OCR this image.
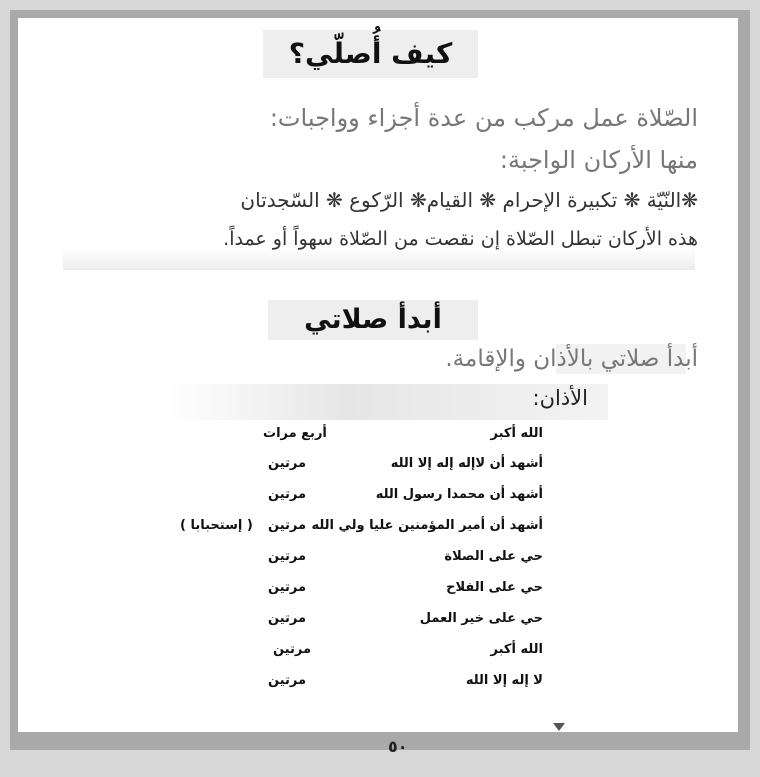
كيف أُصلّي؟
الصّلاة عمل مركب من عدة أجزاء وواجبات:
منها الأركان الواجبة:
❋النّيّة ❋ تكبيرة الإحرام ❋ القيام❋ الرّكوع ❋ السّجدتان
هذه الأركان تبطل الصّلاة إن نقصت من الصّلاة سهواً أو عمداً.
أبدأ صلاتي
أبدأ صلاتي بالأذان والإقامة.
الأذان:
الله أكبر
أربع مرات
أشهد أن لاإله إله إلا الله
مرتين
أشهد أن محمدا رسول الله
مرتين
أشهد أن أمير المؤمنين عليا ولي الله
مرتين
( إستحبابا )
حي على الصلاة
مرتين
حي على الفلاح
مرتين
حي على خير العمل
مرتين
الله أكبر
مرتين
لا إله إلا الله
مرتين
٥٠
